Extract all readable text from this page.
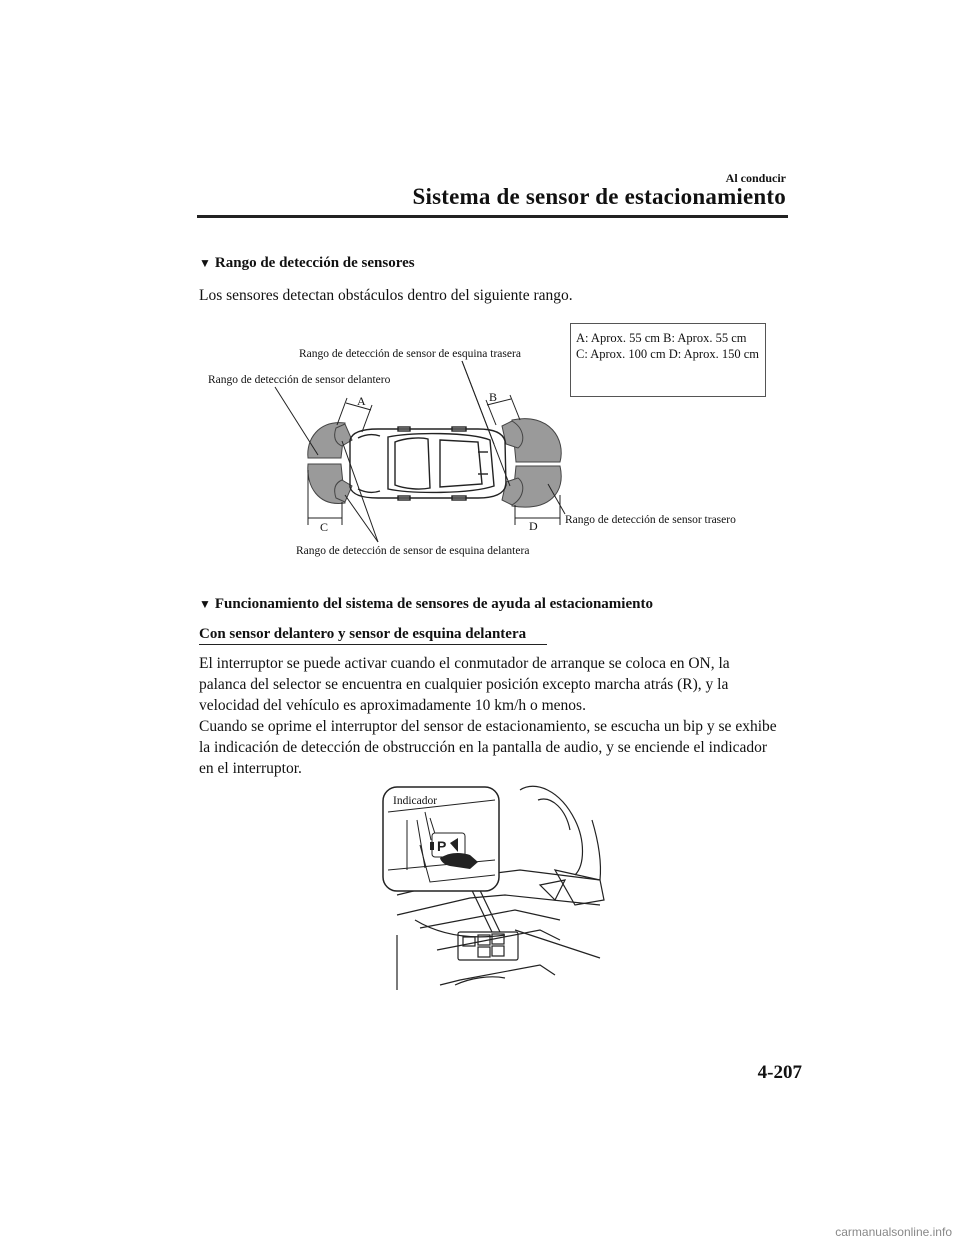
Al conducir
Sistema de sensor de estacionamiento
▼ Rango de detección de sensores
Los sensores detectan obstáculos dentro del siguiente rango.
A: Aprox. 55 cm B: Aprox. 55 cm C: Aprox. 100 cm D: Aprox. 150 cm
Rango de detección de sensor de esquina trasera
Rango de detección de sensor delantero
Rango de detección de sensor trasero
Rango de detección de sensor de esquina delantera
A	B
C	D
▼ Funcionamiento del sistema de sensores de ayuda al estacionamiento
Con sensor delantero y sensor de esquina delantera
El interruptor se puede activar cuando el conmutador de arranque se coloca en ON, la palanca del selector se encuentra en cualquier posición excepto marcha atrás (R), y la velocidad del vehículo es aproximadamente 10 km/h o menos.
Cuando se oprime el interruptor del sensor de estacionamiento, se escucha un bip y se exhibe la indicación de detección de obstrucción en la pantalla de audio, y se enciende el indicador en el interruptor.
P
Indicador
4-207
carmanualsonline.info
